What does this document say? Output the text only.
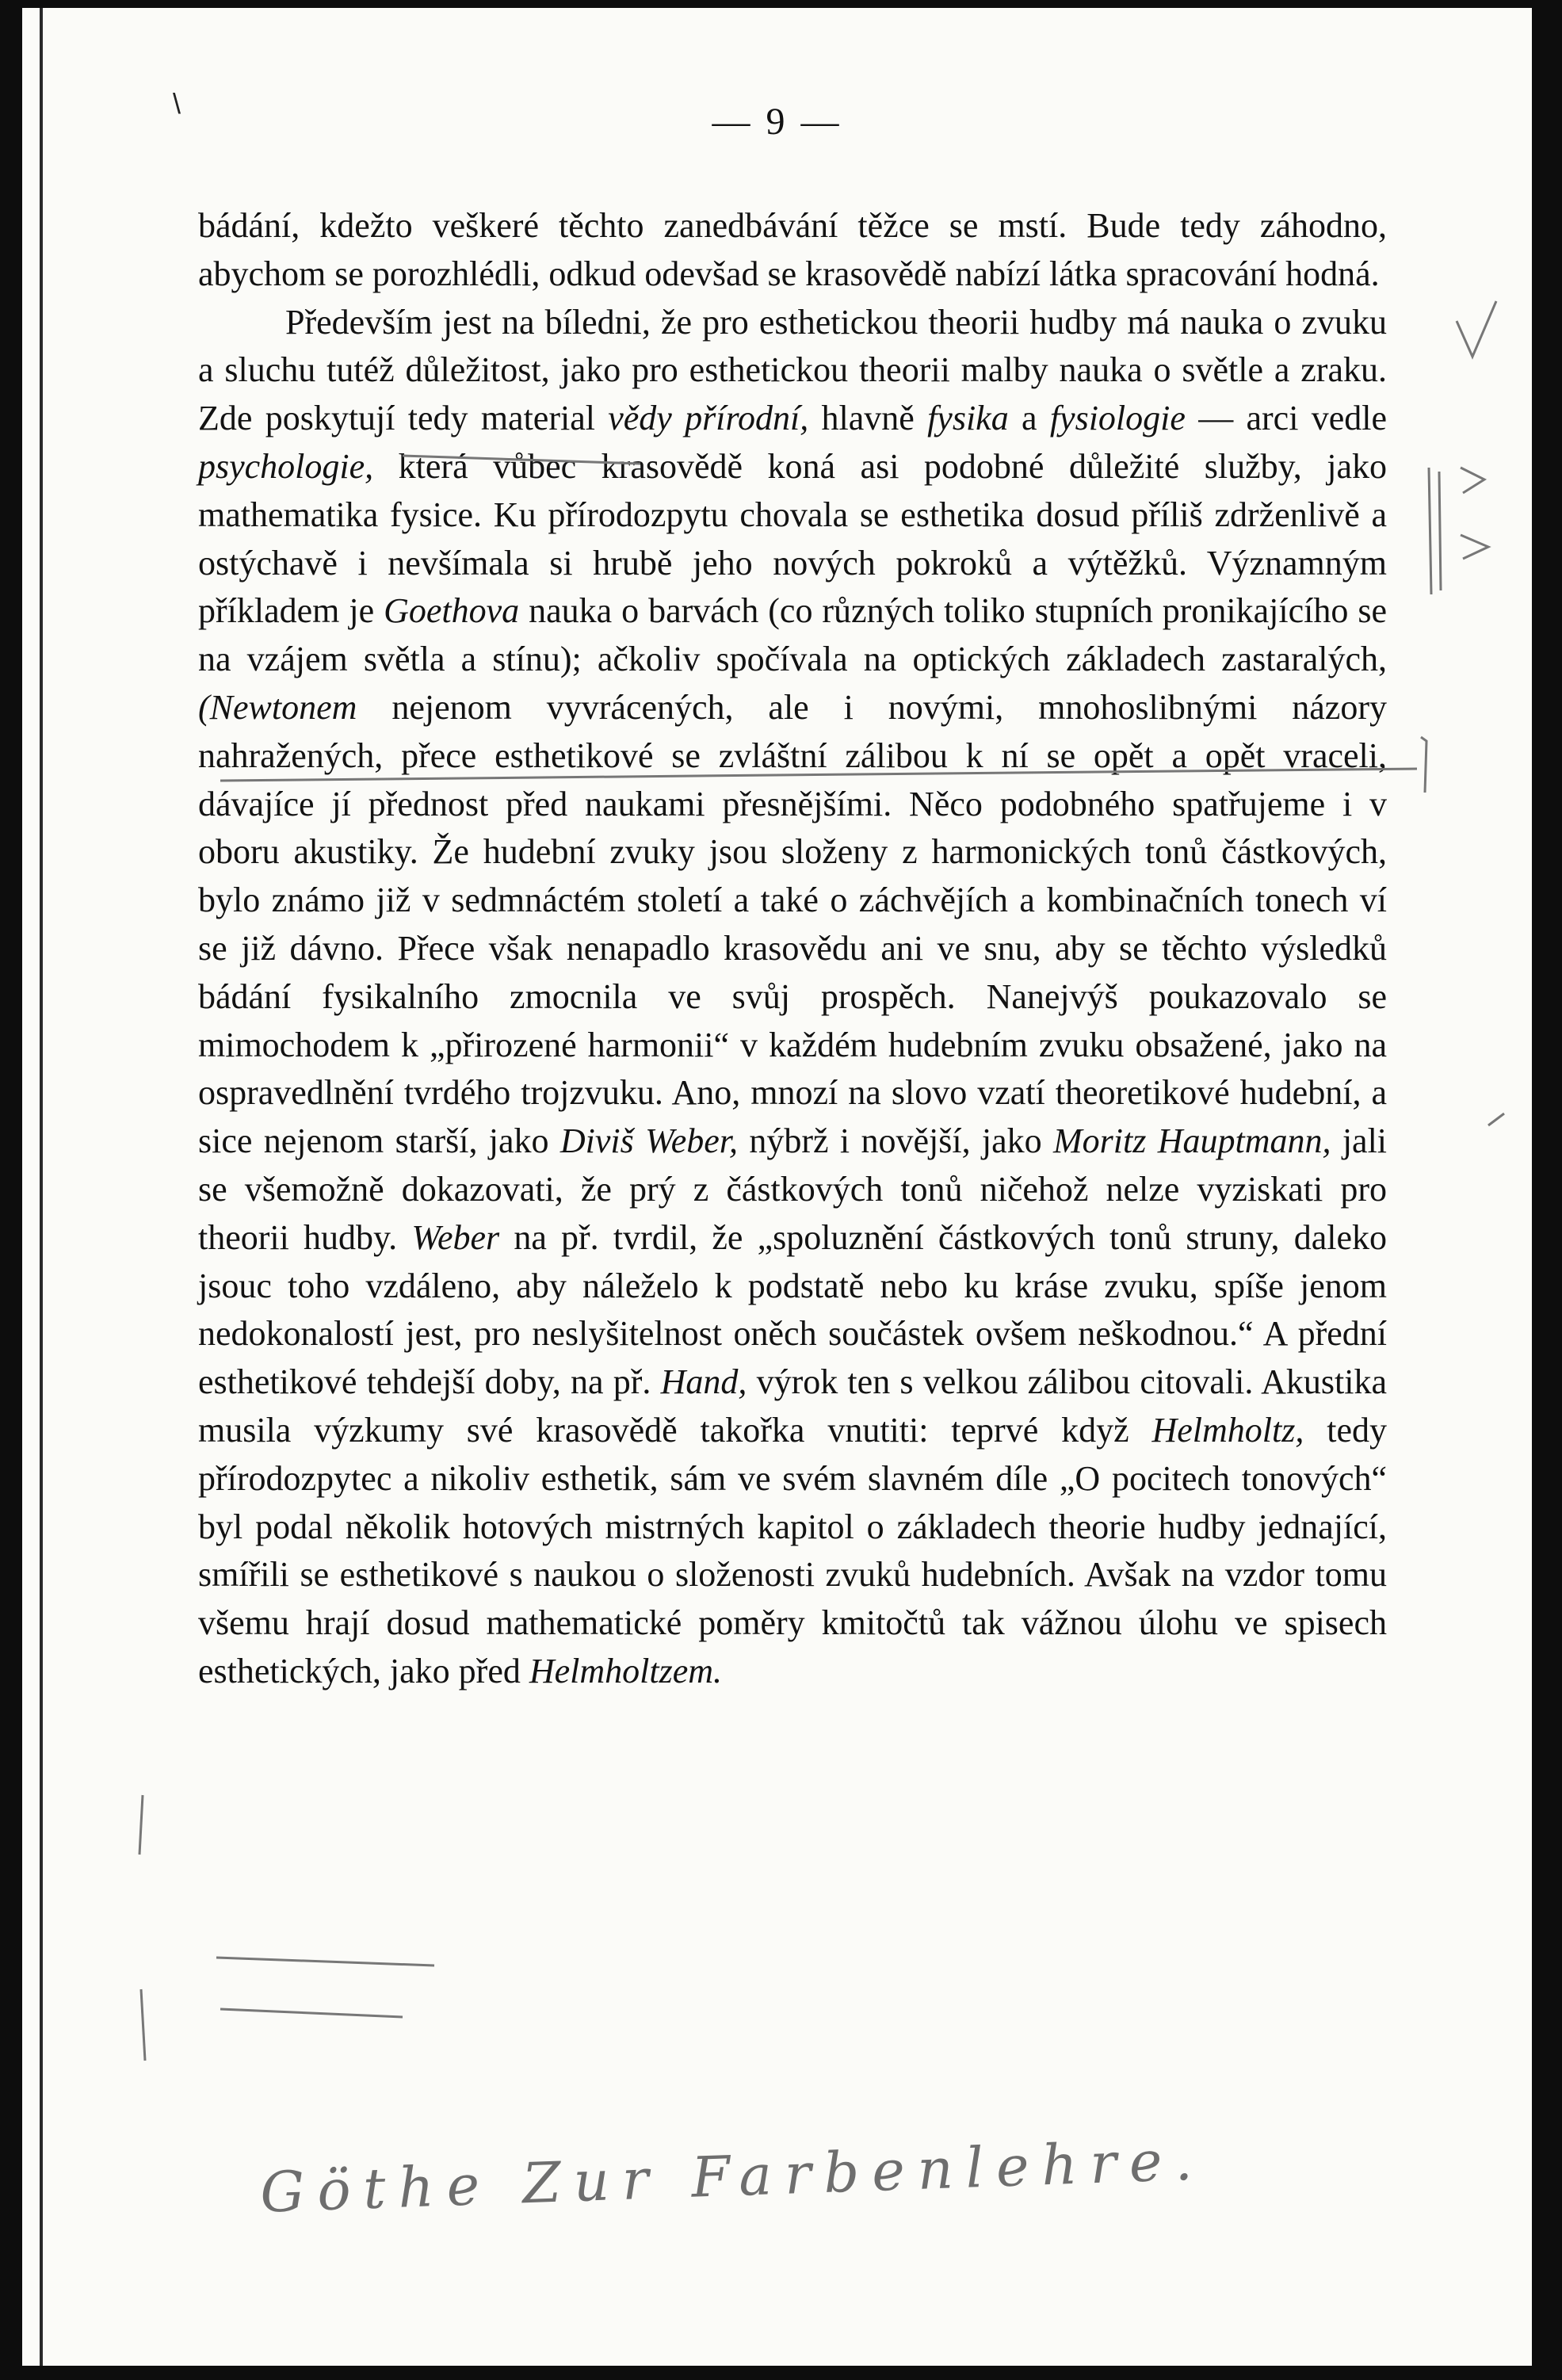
\	— 9 —

bádání, kdežto veškeré těchto zanedbávání těžce se mstí. Bude tedy záhodno, abychom se porozhlédli, odkud odevšad se krasovědě nabízí látka spracování hodná.

Především jest na bíledni, že pro esthetickou theorii hudby má nauka o zvuku a sluchu tutéž důležitost, jako pro esthetickou theorii malby nauka o světle a zraku. Zde poskytují tedy material vědy přírodní, hlavně fysika a fysiologie — arci vedle psychologie, která vůbec krasovědě koná asi podobné důležité služby, jako mathematika fysice. Ku přírodozpytu chovala se esthetika dosud příliš zdrženlivě a ostýchavě i nevšímala si hrubě jeho nových pokroků a výtěžků. Významným příkladem je Goethova nauka o barvách (co různých toliko stupních pronikajícího se na vzájem světla a stínu); ačkoliv spočívala na optických základech zastaralých, (Newtonem nejenom vyvrácených, ale i novými, mnohoslibnými názory nahražených, přece esthetikové se zvláštní zálibou k ní se opět a opět vraceli, dávajíce jí přednost před naukami přesnějšími. Něco podobného spatřujeme i v oboru akustiky. Že hudební zvuky jsou složeny z harmonických tonů částkových, bylo známo již v sedmnáctém století a také o záchvějích a kombinačních tonech ví se již dávno. Přece však nenapadlo krasovědu ani ve snu, aby se těchto výsledků bádání fysikalního zmocnila ve svůj prospěch. Nanejvýš poukazovalo se mimochodem k „přirozené harmonii“ v každém hudebním zvuku obsažené, jako na ospravedlnění tvrdého trojzvuku. Ano, mnozí na slovo vzatí theoretikové hudební, a sice nejenom starší, jako Diviš Weber, nýbrž i novější, jako Moritz Hauptmann, jali se všemožně dokazovati, že prý z částkových tonů ničehož nelze vyziskati pro theorii hudby. Weber na př. tvrdil, že „spoluznění částkových tonů struny, daleko jsouc toho vzdáleno, aby náleželo k podstatě nebo ku kráse zvuku, spíše jenom nedokonalostí jest, pro neslyšitelnost oněch součástek ovšem neškodnou.“ A přední esthetikové tehdejší doby, na př. Hand, výrok ten s velkou zálibou citovali. Akustika musila výzkumy své krasovědě takořka vnutiti: teprvé když Helmholtz, tedy přírodozpytec a nikoliv esthetik, sám ve svém slavném díle „O pocitech tonových“ byl podal několik hotových mistrných kapitol o základech theorie hudby jednající, smířili se esthetikové s naukou o složenosti zvuků hudebních. Avšak na vzdor tomu všemu hrají dosud mathematické poměry kmitočtů tak vážnou úlohu ve spisech esthetických, jako před Helmholtzem.

Göthe Zur Farbenlehre.
